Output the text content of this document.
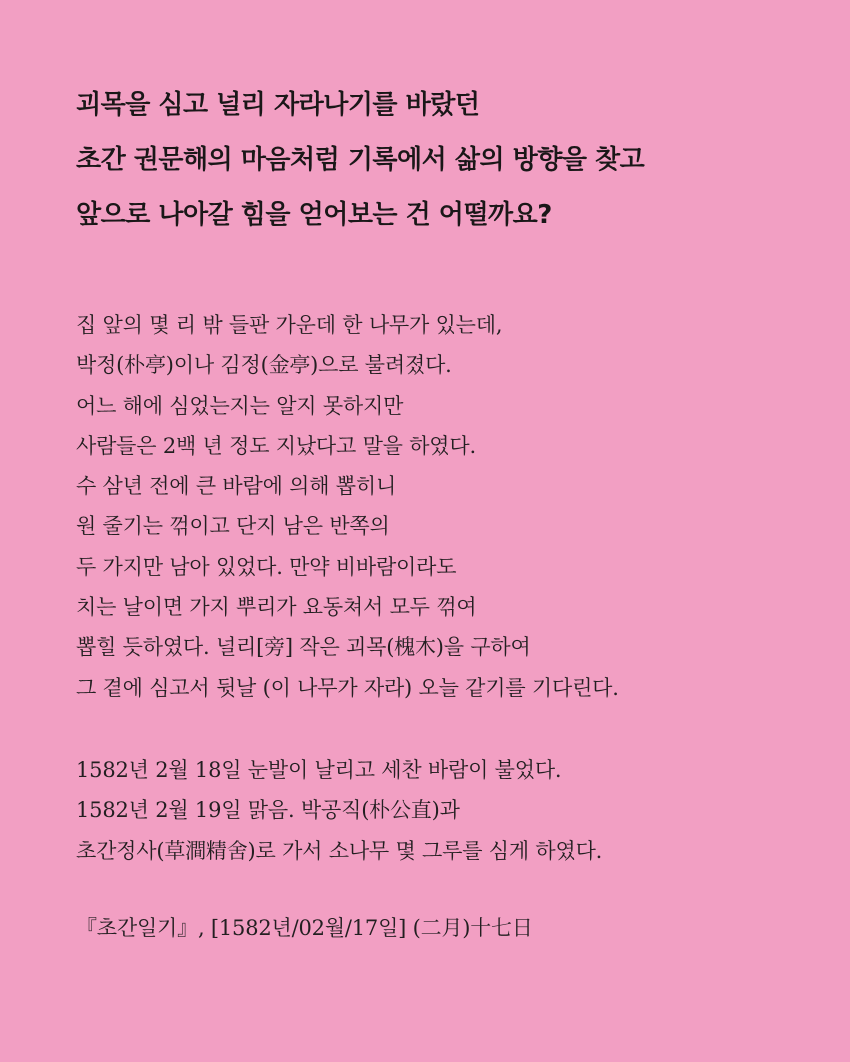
괴목을 심고 널리 자라나기를 바랐던
초간 권문해의 마음처럼 기록에서 삶의 방향을 찾고
앞으로 나아갈 힘을 얻어보는 건 어떨까요?
집 앞의 몇 리 밖 들판 가운데 한 나무가 있는데,
박정(朴亭)이나 김정(金亭)으로 불려졌다.
어느 해에 심었는지는 알지 못하지만
사람들은 2백 년 정도 지났다고 말을 하였다.
수 삼년 전에 큰 바람에 의해 뽑히니
원 줄기는 꺾이고 단지 남은 반쪽의
두 가지만 남아 있었다. 만약 비바람이라도
치는 날이면 가지 뿌리가 요동쳐서 모두 꺾여
뽑힐 듯하였다. 널리[旁] 작은 괴목(槐木)을 구하여
그 곁에 심고서 뒷날 (이 나무가 자라) 오늘 같기를 기다린다.
1582년 2월 18일 눈발이 날리고 세찬 바람이 불었다.
1582년 2월 19일 맑음. 박공직(朴公直)과
초간정사(草澗精舍)로 가서 소나무 몇 그루를 심게 하였다.
『초간일기』, [1582년/02월/17일] (二月)十七日
